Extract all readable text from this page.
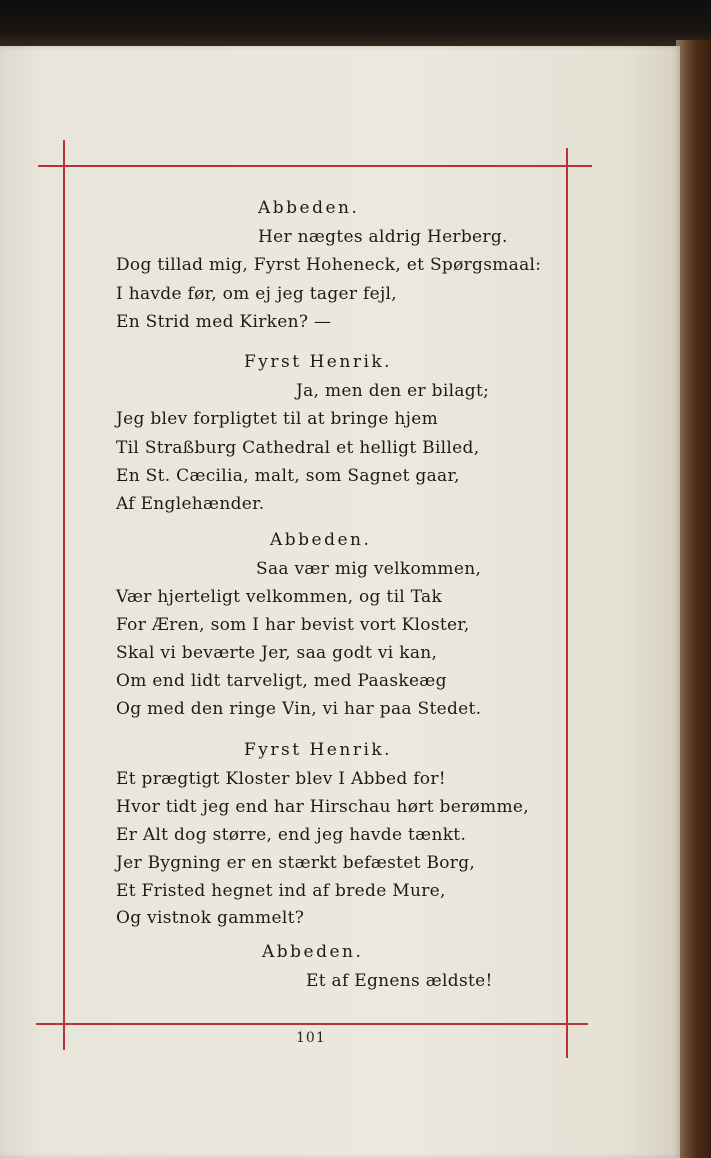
Abbeden.
Her nægtes aldrig Herberg.
Dog tillad mig, Fyrst Hoheneck, et Spørgsmaal:
I havde før, om ej jeg tager fejl,
En Strid med Kirken? —
Fyrst Henrik.
Ja, men den er bilagt;
Jeg blev forpligtet til at bringe hjem
Til Straßburg Cathedral et helligt Billed,
En St. Cæcilia, malt, som Sagnet gaar,
Af Englehænder.
Abbeden.
Saa vær mig velkommen,
Vær hjerteligt velkommen, og til Tak
For Æren, som I har bevist vort Kloster,
Skal vi beværte Jer, saa godt vi kan,
Om end lidt tarveligt, med Paaskeæg
Og med den ringe Vin, vi har paa Stedet.
Fyrst Henrik.
Et prægtigt Kloster blev I Abbed for!
Hvor tidt jeg end har Hirschau hørt berømme,
Er Alt dog større, end jeg havde tænkt.
Jer Bygning er en stærkt befæstet Borg,
Et Fristed hegnet ind af brede Mure,
Og vistnok gammelt?
Abbeden.
Et af Egnens ældste!
101
